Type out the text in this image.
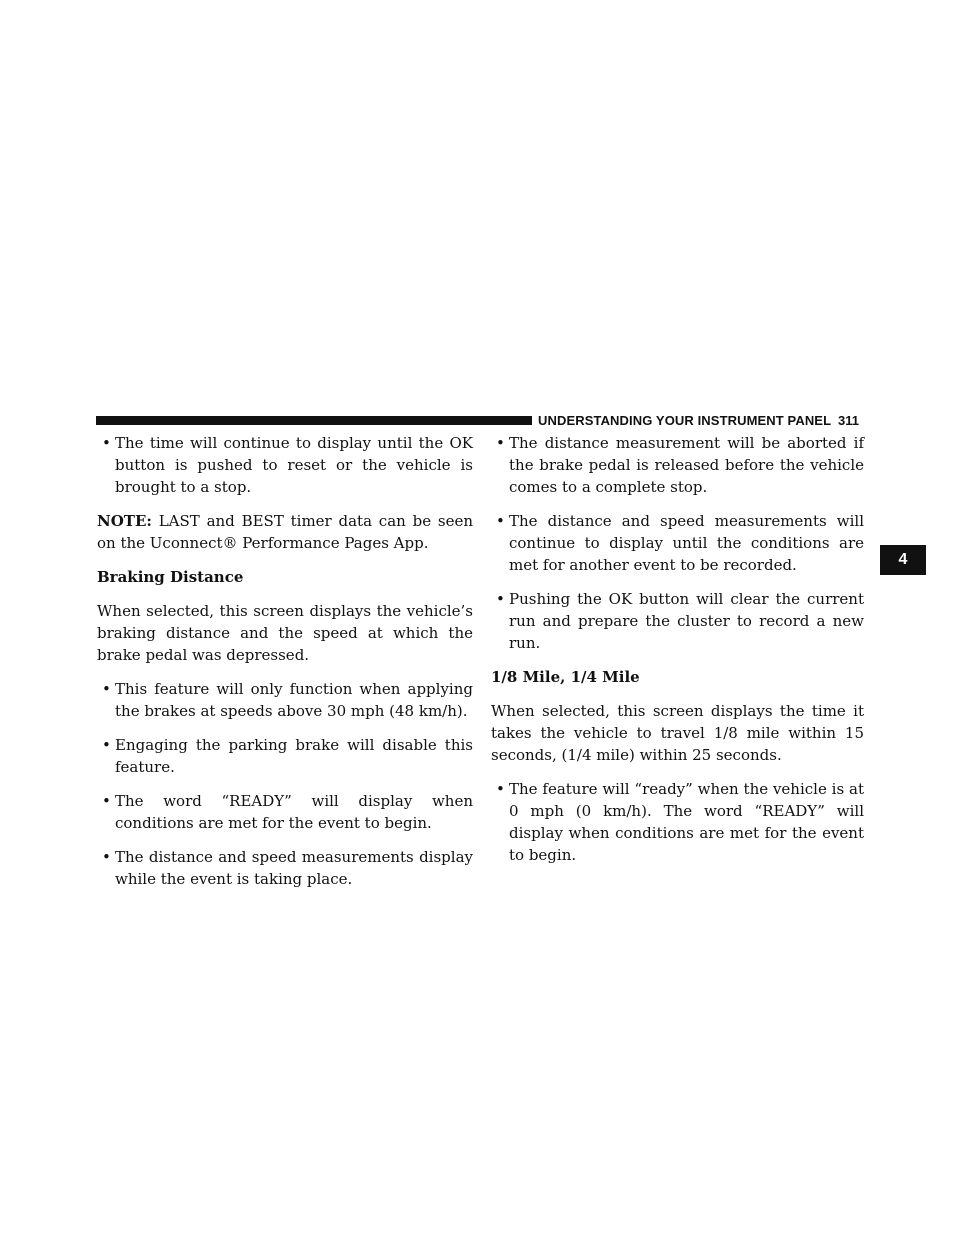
UNDERSTANDING YOUR INSTRUMENT PANEL 311
4
• The time will continue to display until the OK button is pushed to reset or the vehicle is brought to a stop.

NOTE: LAST and BEST timer data can be seen on the Uconnect® Performance Pages App.

Braking Distance

When selected, this screen displays the vehicle’s braking distance and the speed at which the brake pedal was depressed.

• This feature will only function when applying the brakes at speeds above 30 mph (48 km/h).
• Engaging the parking brake will disable this feature.
• The word “READY” will display when conditions are met for the event to begin.
• The distance and speed measurements display while the event is taking place.
• The distance measurement will be aborted if the brake pedal is released before the vehicle comes to a complete stop.
• The distance and speed measurements will continue to display until the conditions are met for another event to be recorded.
• Pushing the OK button will clear the current run and prepare the cluster to record a new run.
1/8 Mile, 1/4 Mile

When selected, this screen displays the time it takes the vehicle to travel 1/8 mile within 15 seconds, (1/4 mile) within 25 seconds.

• The feature will “ready” when the vehicle is at 0 mph (0 km/h). The word “READY” will display when conditions are met for the event to begin.
